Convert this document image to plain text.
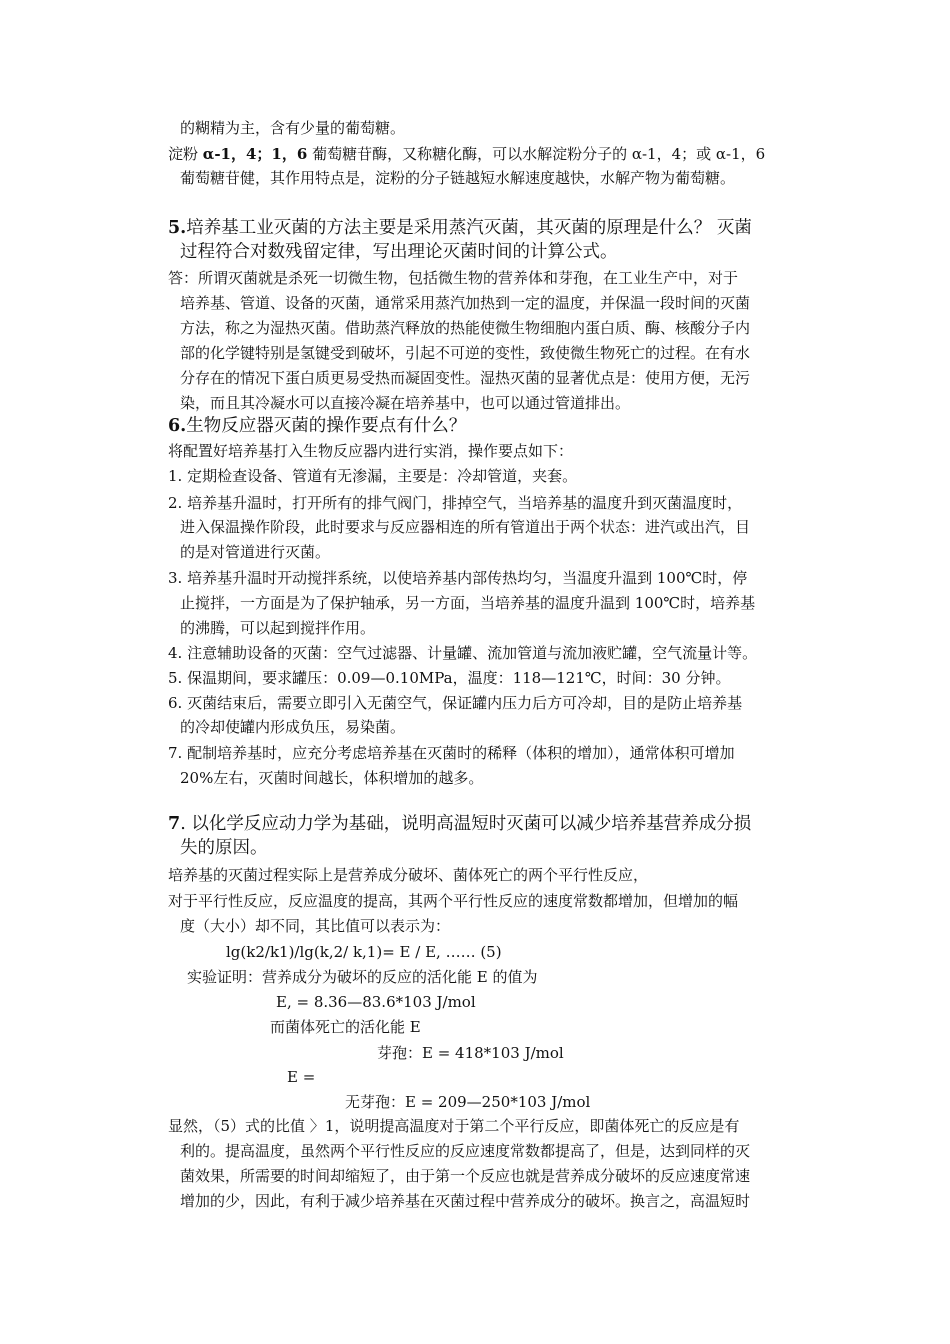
的糊精为主，含有少量的葡萄糖。
淀粉 α-1，4；1，6 葡萄糖苷酶，又称糖化酶，可以水解淀粉分子的 α-1，4；或 α-1，6
葡萄糖苷健，其作用特点是，淀粉的分子链越短水解速度越快，水解产物为葡萄糖。
5.培养基工业灭菌的方法主要是采用蒸汽灭菌，其灭菌的原理是什么？ 灭菌
过程符合对数残留定律，写出理论灭菌时间的计算公式。
答：所谓灭菌就是杀死一切微生物，包括微生物的营养体和芽孢，在工业生产中，对于
培养基、管道、设备的灭菌，通常采用蒸汽加热到一定的温度，并保温一段时间的灭菌
方法，称之为湿热灭菌。借助蒸汽释放的热能使微生物细胞内蛋白质、酶、核酸分子内
部的化学键特别是氢键受到破坏，引起不可逆的变性，致使微生物死亡的过程。在有水
分存在的情况下蛋白质更易受热而凝固变性。湿热灭菌的显著优点是：使用方便，无污
染，而且其冷凝水可以直接冷凝在培养基中，也可以通过管道排出。
6.生物反应器灭菌的操作要点有什么？
将配置好培养基打入生物反应器内进行实消，操作要点如下：
1. 定期检查设备、管道有无渗漏，主要是：冷却管道，夹套。
2. 培养基升温时，打开所有的排气阀门，排掉空气，当培养基的温度升到灭菌温度时，
进入保温操作阶段，此时要求与反应器相连的所有管道出于两个状态：进汽或出汽，目
的是对管道进行灭菌。
3. 培养基升温时开动搅拌系统，以使培养基内部传热均匀，当温度升温到 100℃时，停
止搅拌，一方面是为了保护轴承，另一方面，当培养基的温度升温到 100℃时，培养基
的沸腾，可以起到搅拌作用。
4. 注意辅助设备的灭菌：空气过滤器、计量罐、流加管道与流加液贮罐，空气流量计等。
5. 保温期间，要求罐压：0.09—0.10MPa，温度：118—121℃，时间：30 分钟。
6. 灭菌结束后，需要立即引入无菌空气，保证罐内压力后方可冷却，目的是防止培养基
的冷却使罐内形成负压，易染菌。
7. 配制培养基时，应充分考虑培养基在灭菌时的稀释（体积的增加），通常体积可增加
20%左右，灭菌时间越长，体积增加的越多。
7. 以化学反应动力学为基础，说明高温短时灭菌可以减少培养基营养成分损
失的原因。
培养基的灭菌过程实际上是营养成分破坏、菌体死亡的两个平行性反应，
对于平行性反应，反应温度的提高，其两个平行性反应的速度常数都增加，但增加的幅
度（大小）却不同，其比值可以表示为：
lg(k2/k1)/lg(k,2/ k,1)= E / E, …… (5)
实验证明：营养成分为破坏的反应的活化能 E 的值为
E, = 8.36—83.6*103 J/mol
而菌体死亡的活化能 E
芽孢：E = 418*103 J/mol
E =
无芽孢：E = 209—250*103 J/mol
显然，（5）式的比值 〉1，说明提高温度对于第二个平行反应，即菌体死亡的反应是有
利的。提高温度，虽然两个平行性反应的反应速度常数都提高了，但是，达到同样的灭
菌效果，所需要的时间却缩短了，由于第一个反应也就是营养成分破坏的反应速度常速
增加的少，因此，有利于减少培养基在灭菌过程中营养成分的破坏。换言之，高温短时
